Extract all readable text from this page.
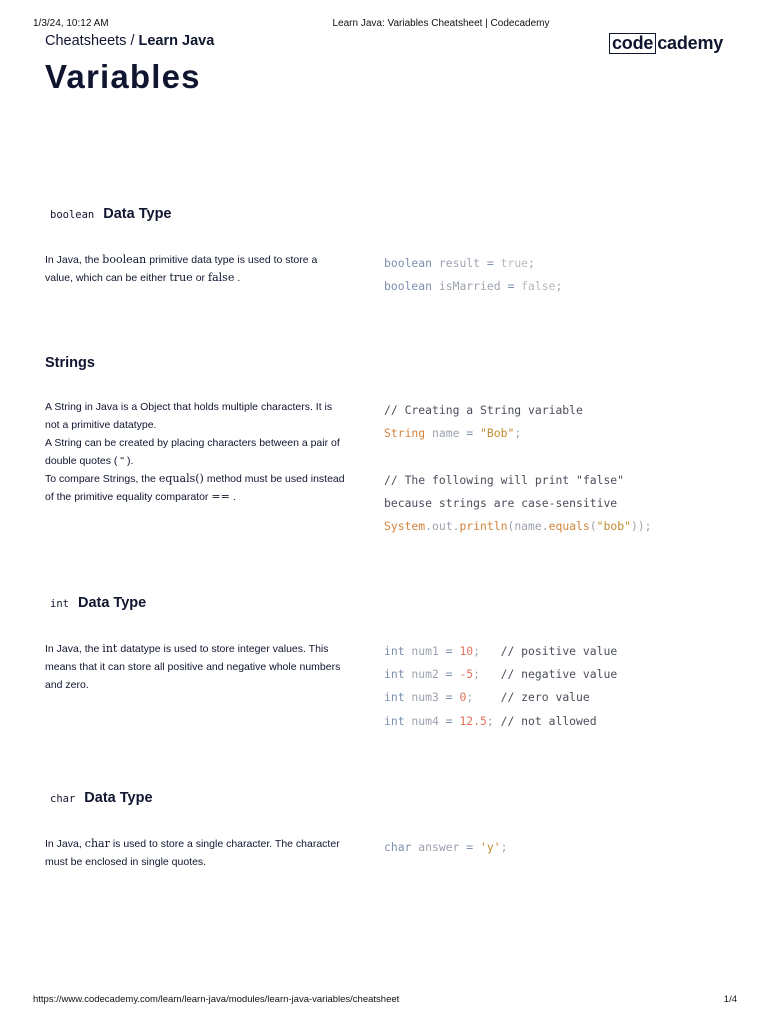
1/3/24, 10:12 AM	Learn Java: Variables Cheatsheet | Codecademy
Cheatsheets / Learn Java	code cademy
Variables
boolean Data Type

In Java, the boolean primitive data type is used to store a value, which can be either true or false .

boolean result = true;
boolean isMarried = false;
Strings
A String in Java is a Object that holds multiple characters. It is not a primitive datatype.
A String can be created by placing characters between a pair of double quotes ( " ).
To compare Strings, the equals() method must be used instead of the primitive equality comparator == .
// Creating a String variable
String name = "Bob";
// The following will print "false"
because strings are case-sensitive
System.out.println(name.equals("bob"));
int Data Type

In Java, the int datatype is used to store integer values. This means that it can store all positive and negative whole numbers and zero.

int num1 = 10;   // positive value
int num2 = -5;   // negative value
int num3 = 0;    // zero value
int num4 = 12.5; // not allowed
char Data Type

In Java, char is used to store a single character. The character must be enclosed in single quotes.

char answer = 'y';
https://www.codecademy.com/learn/learn-java/modules/learn-java-variables/cheatsheet	1/4
